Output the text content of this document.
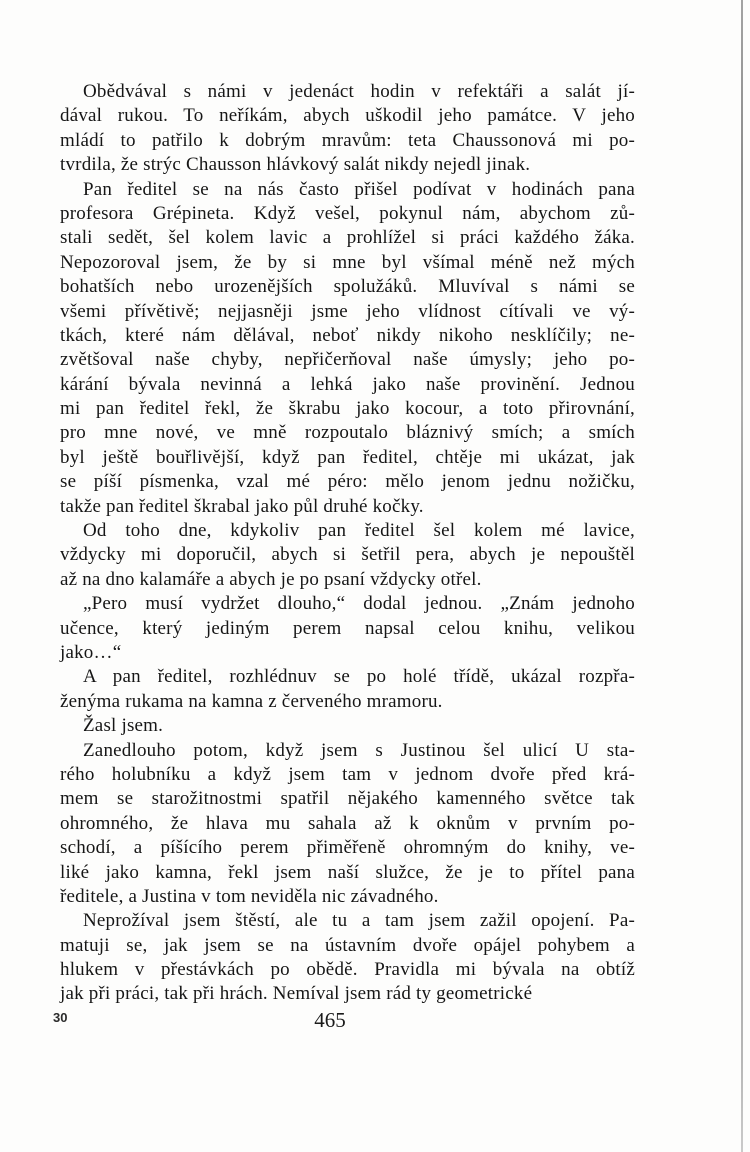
Obědvával s námi v jedenáct hodin v refektáři a salát jí-
dával rukou. To neříkám, abych uškodil jeho památce. V jeho
mládí to patřilo k dobrým mravům: teta Chaussonová mi po-
tvrdila, že strýc Chausson hlávkový salát nikdy nejedl jinak.
Pan ředitel se na nás často přišel podívat v hodinách pana
profesora Grépineta. Když vešel, pokynul nám, abychom zů-
stali sedět, šel kolem lavic a prohlížel si práci každého žáka.
Nepozoroval jsem, že by si mne byl všímal méně než mých
bohatších nebo urozenějších spolužáků. Mluvíval s námi se
všemi přívětivě; nejjasněji jsme jeho vlídnost cítívali ve vý-
tkách, které nám dělával, neboť nikdy nikoho nesklíčily; ne-
zvětšoval naše chyby, nepřičerňoval naše úmysly; jeho po-
kárání bývala nevinná a lehká jako naše provinění. Jednou
mi pan ředitel řekl, že škrabu jako kocour, a toto přirovnání,
pro mne nové, ve mně rozpoutalo bláznivý smích; a smích
byl ještě bouřlivější, když pan ředitel, chtěje mi ukázat, jak
se píší písmenka, vzal mé péro: mělo jenom jednu nožičku,
takže pan ředitel škrabal jako půl druhé kočky.
Od toho dne, kdykoliv pan ředitel šel kolem mé lavice,
vždycky mi doporučil, abych si šetřil pera, abych je nepouštěl
až na dno kalamáře a abych je po psaní vždycky otřel.
„Pero musí vydržet dlouho,“ dodal jednou. „Znám jednoho
učence, který jediným perem napsal celou knihu, velikou
jako…“
A pan ředitel, rozhlédnuv se po holé třídě, ukázal rozpřa-
ženýma rukama na kamna z červeného mramoru.
Žasl jsem.
Zanedlouho potom, když jsem s Justinou šel ulicí U sta-
rého holubníku a když jsem tam v jednom dvoře před krá-
mem se starožitnostmi spatřil nějakého kamenného světce tak
ohromného, že hlava mu sahala až k oknům v prvním po-
schodí, a píšícího perem přiměřeně ohromným do knihy, ve-
liké jako kamna, řekl jsem naší služce, že je to přítel pana
ředitele, a Justina v tom neviděla nic závadného.
Neprožíval jsem štěstí, ale tu a tam jsem zažil opojení. Pa-
matuji se, jak jsem se na ústavním dvoře opájel pohybem a
hlukem v přestávkách po obědě. Pravidla mi bývala na obtíž
jak při práci, tak při hrách. Nemíval jsem rád ty geometrické
30	465
